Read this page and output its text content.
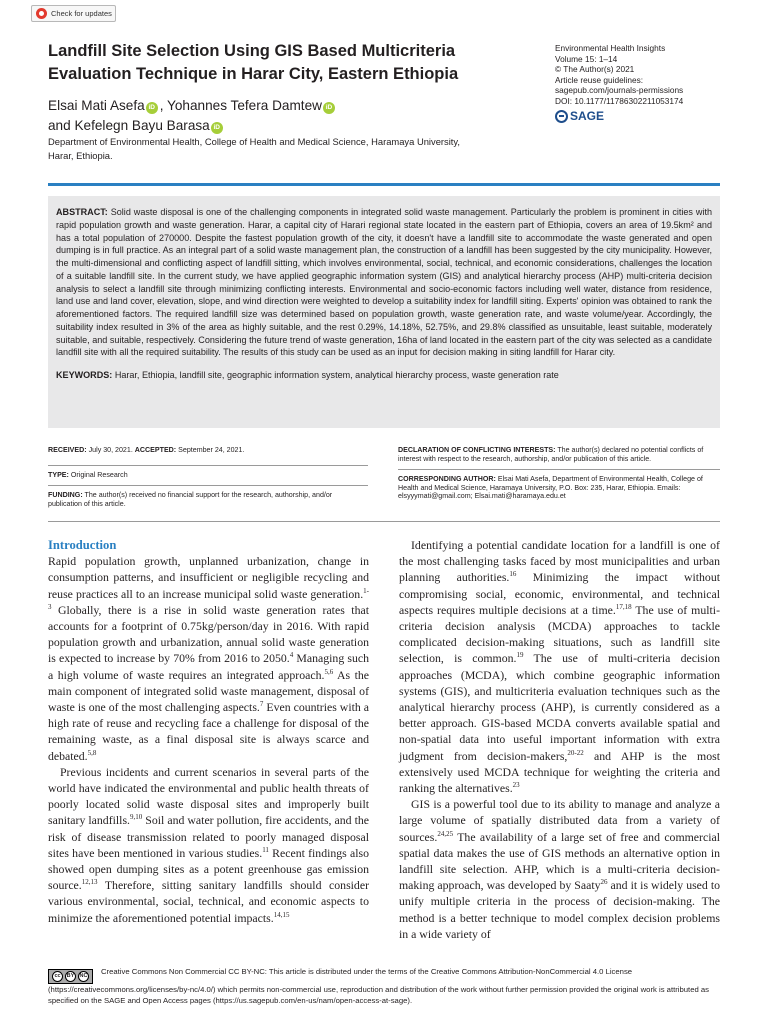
Check for updates
Landfill Site Selection Using GIS Based Multicriteria Evaluation Technique in Harar City, Eastern Ethiopia
Elsai Mati Asefa iD , Yohannes Tefera Damtew iD
and Kefelegn Bayu Barasa iD
Department of Environmental Health, College of Health and Medical Science, Haramaya University, Harar, Ethiopia.
Environmental Health Insights
Volume 15: 1–14
© The Author(s) 2021
Article reuse guidelines:
sagepub.com/journals-permissions
DOI: 10.1177/11786302211053174
SAGE

ABSTRACT: Solid waste disposal is one of the challenging components in integrated solid waste management. Particularly the problem is prominent in cities with rapid population growth and waste generation. Harar, a capital city of Harari regional state located in the eastern part of Ethiopia, covers an area of 19.5km² and has a total population of 270000. Despite the fastest population growth of the city, it doesn't have a landfill site to accommodate the waste generated and open dumping is in full practice. As an integral part of a solid waste management plan, the construction of a landfill has been suggested by the city municipality. However, the multi-dimensional and conflicting aspect of landfill sitting, which involves environmental, social, technical, and economic considerations, challenges the location of a suitable landfill site. In the current study, we have applied geographic information system (GIS) and analytical hierarchy process (AHP) multi-criteria decision analysis to select a landfill site through minimizing conflicting interests. Environmental and socio-economic factors including well water, distance from residence, land use and land cover, elevation, slope, and wind direction were weighted to develop a suitability index for landfill siting. Experts' opinion was obtained to rank the aforementioned factors. The required landfill size was determined based on population growth, waste generation rate, and waste volume/year. Accordingly, the suitability index resulted in 3% of the area as highly suitable, and the rest 0.29%, 14.18%, 52.75%, and 29.8% classified as unsuitable, least suitable, moderately suitable, and suitable, respectively. Considering the future trend of waste generation, 16ha of land located in the eastern part of the city was selected as a candidate landfill site with all the required suitability. The results of this study can be used as an input for decision making in siting landfill for Harar city.

KEYWORDS: Harar, Ethiopia, landfill site, geographic information system, analytical hierarchy process, waste generation rate

RECEIVED: July 30, 2021. ACCEPTED: September 24, 2021.
TYPE: Original Research
FUNDING: The author(s) received no financial support for the research, authorship, and/or publication of this article.
DECLARATION OF CONFLICTING INTERESTS: The author(s) declared no potential conflicts of interest with respect to the research, authorship, and/or publication of this article.
CORRESPONDING AUTHOR: Elsai Mati Asefa, Department of Environmental Health, College of Health and Medical Science, Haramaya University, P.O. Box: 235, Harar, Ethiopia. Emails: elsyyymati@gmail.com; Elsai.mati@haramaya.edu.et
Introduction

Rapid population growth, unplanned urbanization, change in consumption patterns, and insufficient or negligible recycling and reuse practices all to an increase municipal solid waste generation.$^{1-3}$ Globally, there is a rise in solid waste generation rates that accounts for a footprint of 0.75kg/person/day in 2016. With rapid population growth and urbanization, annual solid waste generation is expected to increase by 70% from 2016 to 2050.$^4$ Managing such a high volume of waste requires an integrated approach.$^{5,6}$ As the main component of integrated solid waste management, disposal of waste is one of the most challenging aspects.$^7$ Even countries with a high rate of reuse and recycling face a challenge for disposal of the remaining waste, as a final disposal site is always scarce and debated.$^{5,8}$

Previous incidents and current scenarios in several parts of the world have indicated the environmental and public health threats of poorly located solid waste disposal sites and improperly built sanitary landfills.$^{9,10}$ Soil and water pollution, fire accidents, and the risk of disease transmission related to poorly managed disposal sites have been mentioned in various studies.$^{11}$ Recent findings also showed open dumping sites as a potent greenhouse gas emission source.$^{12,13}$ Therefore, sitting sanitary landfills should consider various environmental, social, technical, and economic aspects to minimize the aforementioned potential impacts.$^{14,15}$

Identifying a potential candidate location for a landfill is one of the most challenging tasks faced by most municipalities and urban planning authorities.$^{16}$ Minimizing the impact without compromising social, economic, environmental, and technical aspects requires multiple decisions at a time.$^{17,18}$ The use of multi-criteria decision analysis (MCDA) approaches to tackle complicated decision-making situations, such as landfill site selection, is common.$^{19}$ The use of multi-criteria decision approaches (MCDA), which combine geographic information systems (GIS), and multicriteria evaluation techniques such as the analytical hierarchy process (AHP), is currently considered as a better approach. GIS-based MCDA converts available spatial and non-spatial data into useful important information with extra judgment from decision-makers,$^{20-22}$ and AHP is the most extensively used MCDA technique for weighting the criteria and ranking the alternatives.$^{23}$

GIS is a powerful tool due to its ability to manage and analyze a large volume of spatially distributed data from a variety of sources.$^{24,25}$ The availability of a large set of free and commercial spatial data makes the use of GIS methods an alternative option in landfill site selection. AHP, which is a multi-criteria decision-making approach, was developed by Saaty$^{26}$ and it is widely used to unify multiple criteria in the process of decision-making. The method is a better technique to model complex decision problems in a wide variety of

cc	BY NC Creative Commons Non Commercial CC BY-NC: This article is distributed under the terms of the Creative Commons Attribution-NonCommercial 4.0 License (https://creativecommons.org/licenses/by-nc/4.0/) which permits non-commercial use, reproduction and distribution of the work without further permission provided the original work is attributed as specified on the SAGE and Open Access pages (https://us.sagepub.com/en-us/nam/open-access-at-sage).
